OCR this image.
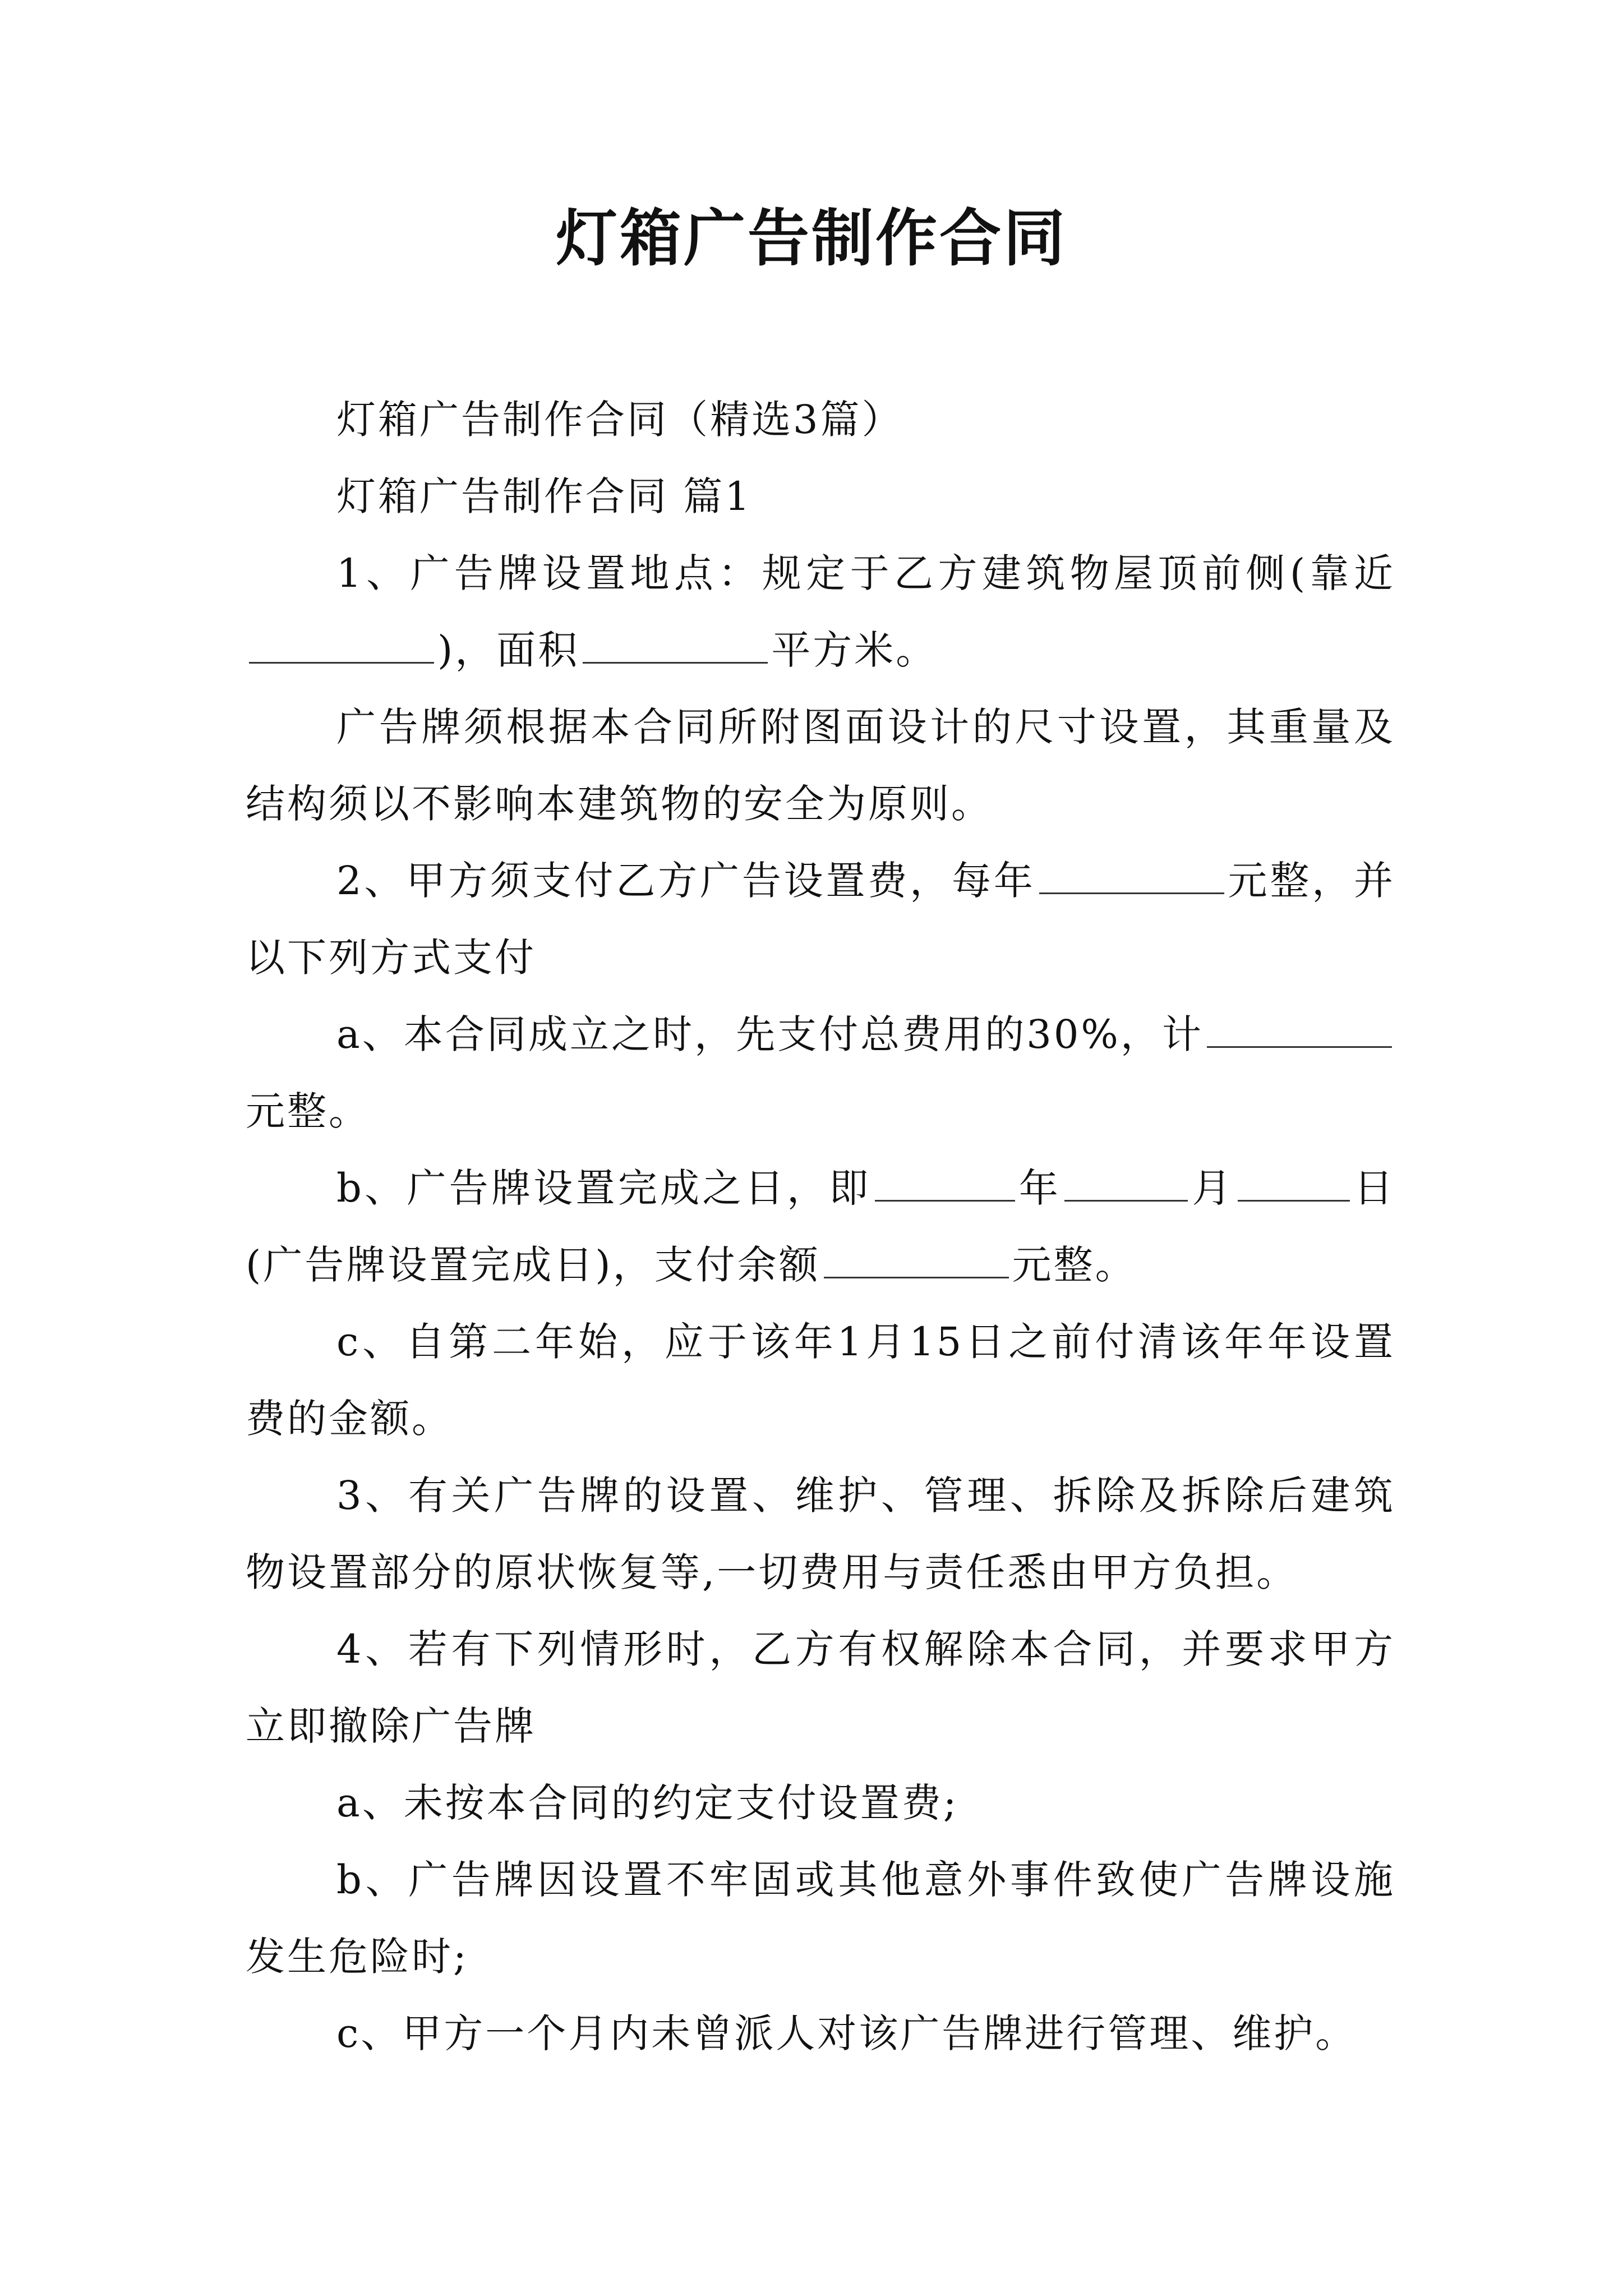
灯箱广告制作合同

灯箱广告制作合同（精选3篇）

灯箱广告制作合同 篇1

1、广告牌设置地点：规定于乙方建筑物屋顶前侧(靠近)，面积	平方米。

广告牌须根据本合同所附图面设计的尺寸设置，其重量及结构须以不影响本建筑物的安全为原则。

2、甲方须支付乙方广告设置费，每年	元整，并以下列方式支付

a、本合同成立之时，先支付总费用的30%，计元整。

b、广告牌设置完成之日，即	年	月	日(广告牌设置完成日)，支付余额	元整。

c、自第二年始，应于该年1月15日之前付清该年年设置费的金额。

3、有关广告牌的设置、维护、管理、拆除及拆除后建筑物设置部分的原状恢复等,一切费用与责任悉由甲方负担。

4、若有下列情形时，乙方有权解除本合同，并要求甲方立即撤除广告牌

a、未按本合同的约定支付设置费;

b、广告牌因设置不牢固或其他意外事件致使广告牌设施发生危险时;

c、甲方一个月内未曾派人对该广告牌进行管理、维护。
